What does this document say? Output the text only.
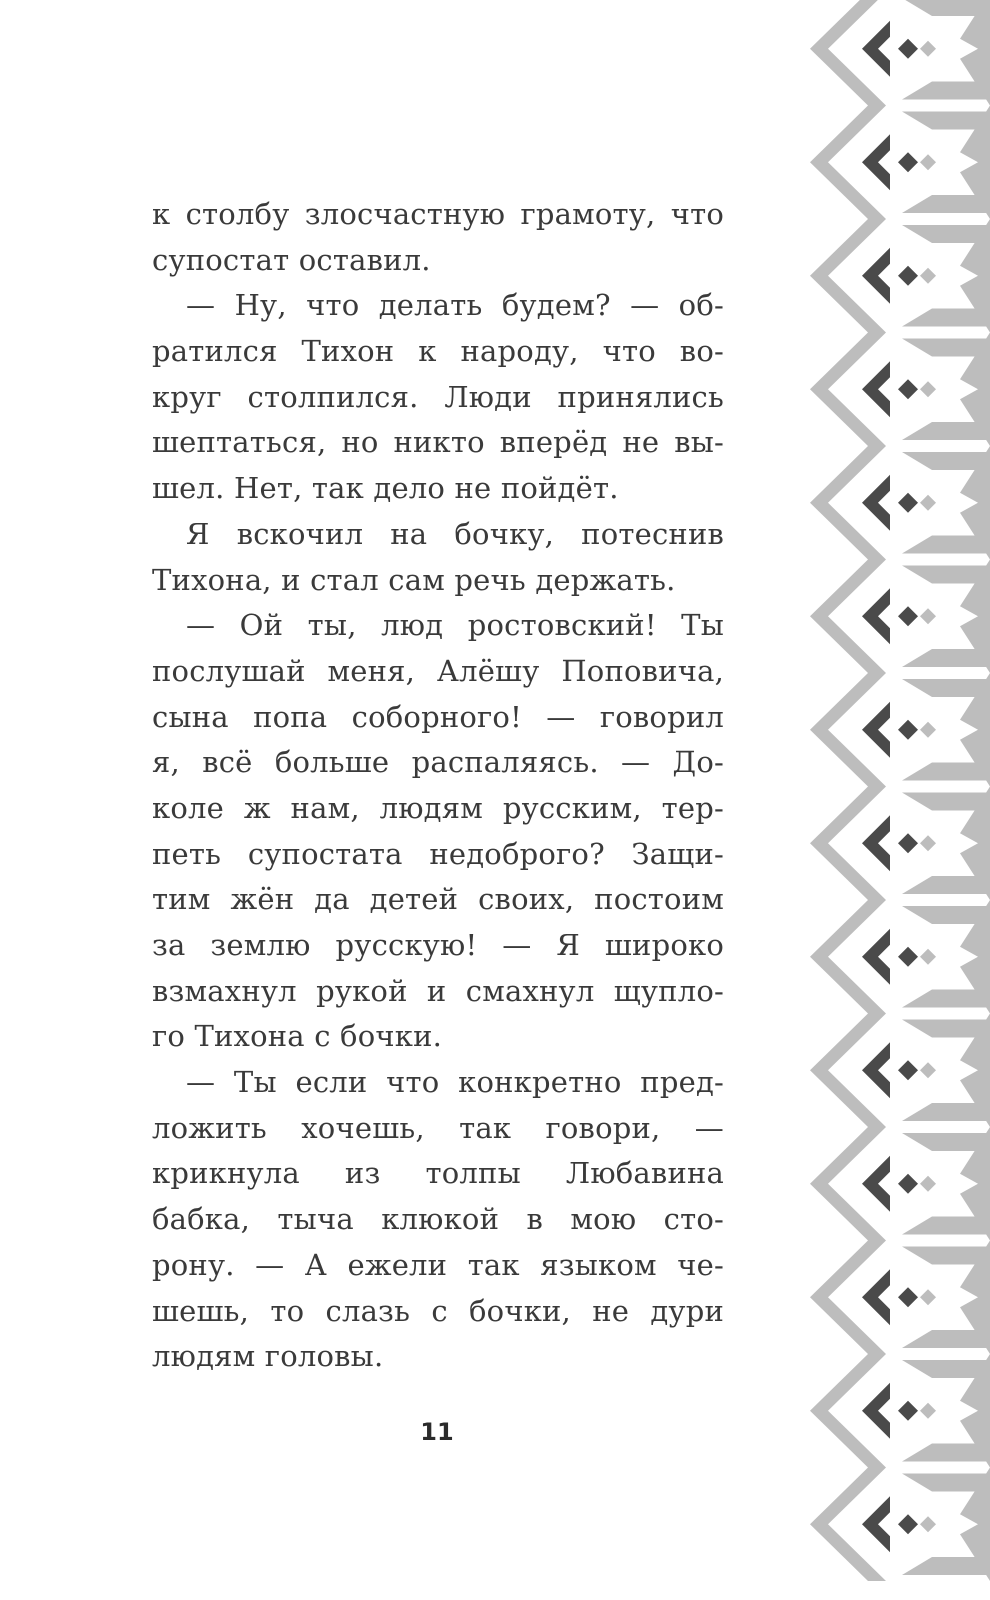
к столбу злосчастную грамоту, что
супостат оставил.
— Ну, что делать будем? — об-
ратился Тихон к народу, что во-
круг столпился. Люди принялись
шептаться, но никто вперёд не вы-
шел. Нет, так дело не пойдёт.
Я вскочил на бочку, потеснив
Тихона, и стал сам речь держать.
— Ой ты, люд ростовский! Ты
послушай меня, Алёшу Поповича,
сына попа соборного! — говорил
я, всё больше распаляясь. — До-
коле ж нам, людям русским, тер-
петь супостата недоброго? Защи-
тим жён да детей своих, постоим
за землю русскую! — Я широко
взмахнул рукой и смахнул щупло-
го Тихона с бочки.
— Ты если что конкретно пред-
ложить хочешь, так говори, —
крикнула из толпы Любавина
бабка, тыча клюкой в мою сто-
рону. — А ежели так языком че-
шешь, то слазь с бочки, не дури
людям головы.
11
